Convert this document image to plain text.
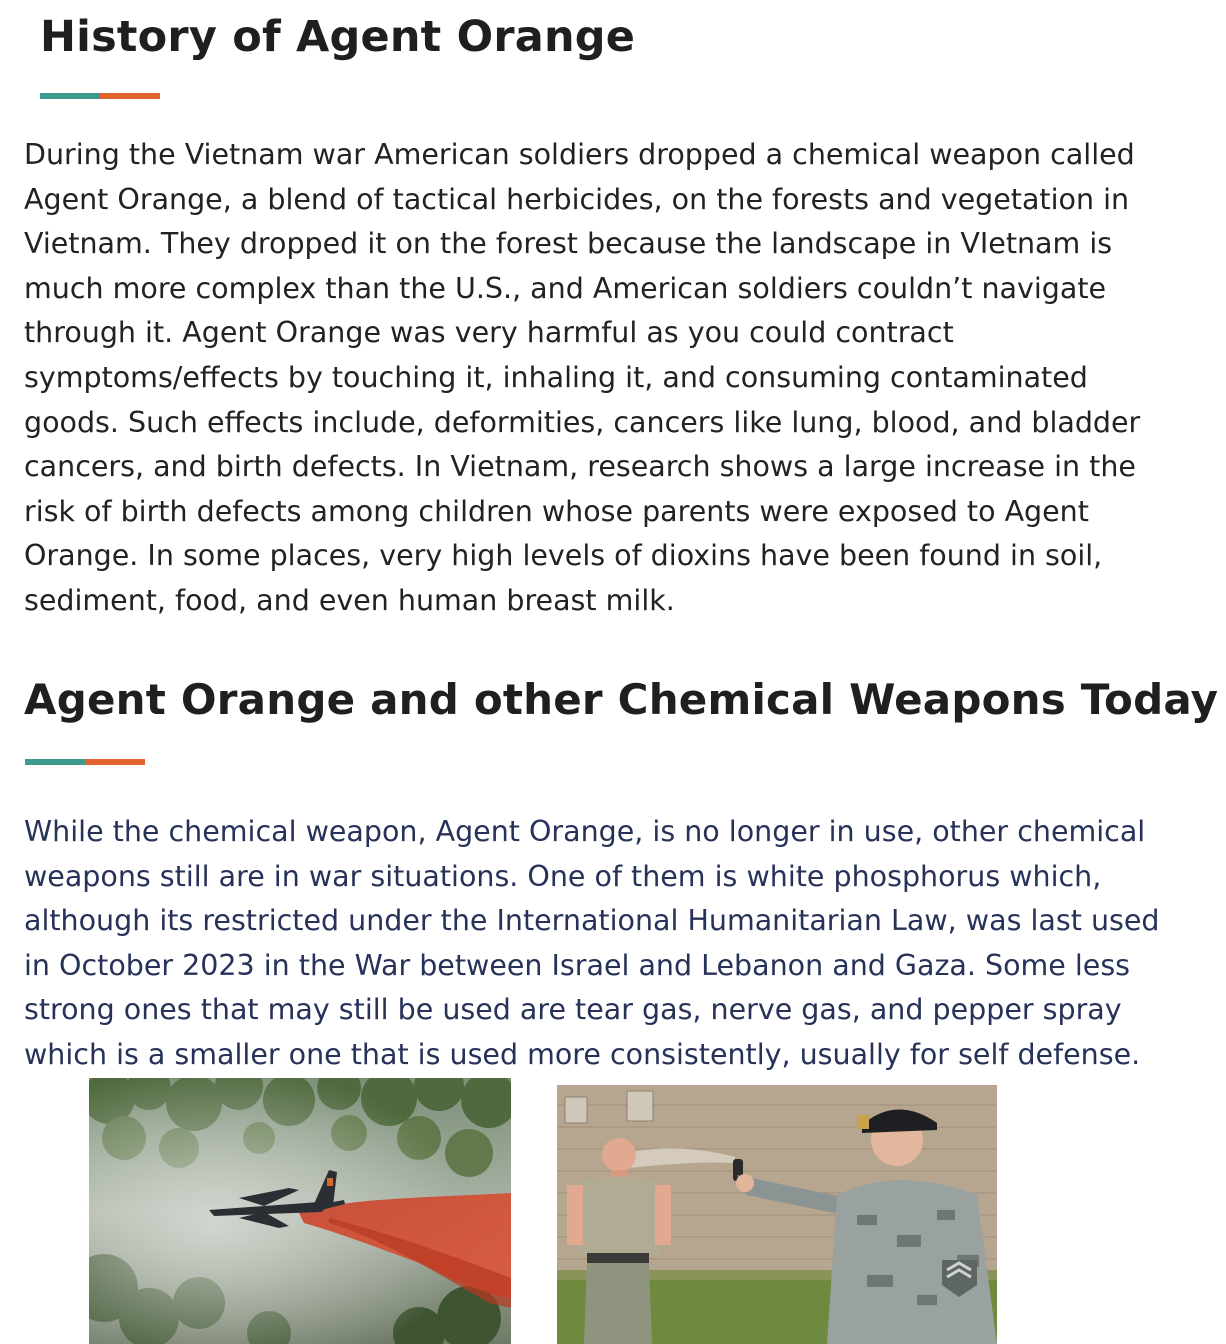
History of Agent Orange

During the Vietnam war American soldiers dropped a chemical weapon called
Agent Orange, a blend of tactical herbicides, on the forests and vegetation in
Vietnam. They dropped it on the forest because the landscape in VIetnam is
much more complex than the U.S., and American soldiers couldn’t navigate
through it. Agent Orange was very harmful as you could contract
symptoms/effects by touching it, inhaling it, and consuming contaminated
goods. Such effects include, deformities, cancers like lung, blood, and bladder
cancers, and birth defects. In Vietnam, research shows a large increase in the
risk of birth defects among children whose parents were exposed to Agent
Orange. In some places, very high levels of dioxins have been found in soil,
sediment, food, and even human breast milk.

Agent Orange and other Chemical Weapons Today

While the chemical weapon, Agent Orange, is no longer in use, other chemical
weapons still are in war situations. One of them is white phosphorus which,
although its restricted under the International Humanitarian Law, was last used
in October 2023 in the War between Israel and Lebanon and Gaza. Some less
strong ones that may still be used are tear gas, nerve gas, and pepper spray
which is a smaller one that is used more consistently, usually for self defense.
